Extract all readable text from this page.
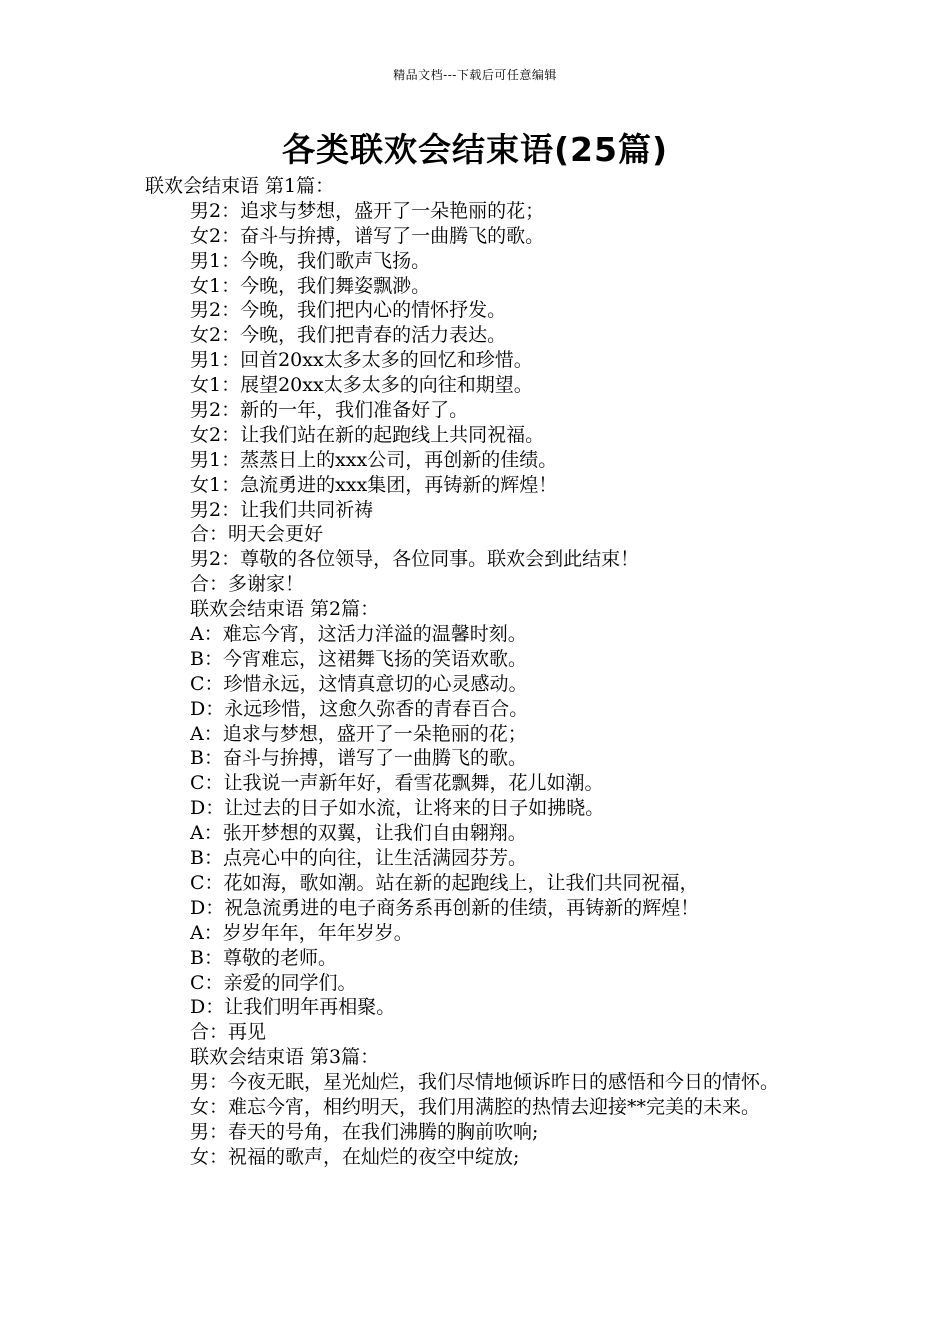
精品文档---下载后可任意编辑
各类联欢会结束语(25篇)
联欢会结束语 第1篇：
男2：追求与梦想，盛开了一朵艳丽的花；
女2：奋斗与拚搏，谱写了一曲腾飞的歌。
男1：今晚，我们歌声飞扬。
女1：今晚，我们舞姿飘渺。
男2：今晚，我们把内心的情怀抒发。
女2：今晚，我们把青春的活力表达。
男1：回首20xx太多太多的回忆和珍惜。
女1：展望20xx太多太多的向往和期望。
男2：新的一年，我们准备好了。
女2：让我们站在新的起跑线上共同祝福。
男1：蒸蒸日上的xxx公司，再创新的佳绩。
女1：急流勇进的xxx集团，再铸新的辉煌！
男2：让我们共同祈祷
合：明天会更好
男2：尊敬的各位领导，各位同事。联欢会到此结束！
合：多谢家！
联欢会结束语 第2篇：
A：难忘今宵，这活力洋溢的温馨时刻。
B：今宵难忘，这裙舞飞扬的笑语欢歌。
C：珍惜永远，这情真意切的心灵感动。
D：永远珍惜，这愈久弥香的青春百合。
A：追求与梦想，盛开了一朵艳丽的花；
B：奋斗与拚搏，谱写了一曲腾飞的歌。
C：让我说一声新年好，看雪花飘舞，花儿如潮。
D：让过去的日子如水流，让将来的日子如拂晓。
A：张开梦想的双翼，让我们自由翱翔。
B：点亮心中的向往，让生活满园芬芳。
C：花如海，歌如潮。站在新的起跑线上，让我们共同祝福，
D：祝急流勇进的电子商务系再创新的佳绩，再铸新的辉煌！
A：岁岁年年，年年岁岁。
B：尊敬的老师。
C：亲爱的同学们。
D：让我们明年再相聚。
合：再见
联欢会结束语 第3篇：
男：今夜无眠，星光灿烂，我们尽情地倾诉昨日的感悟和今日的情怀。
女：难忘今宵，相约明天，我们用满腔的热情去迎接**完美的未来。
男：春天的号角，在我们沸腾的胸前吹响;
女：祝福的歌声，在灿烂的夜空中绽放;
